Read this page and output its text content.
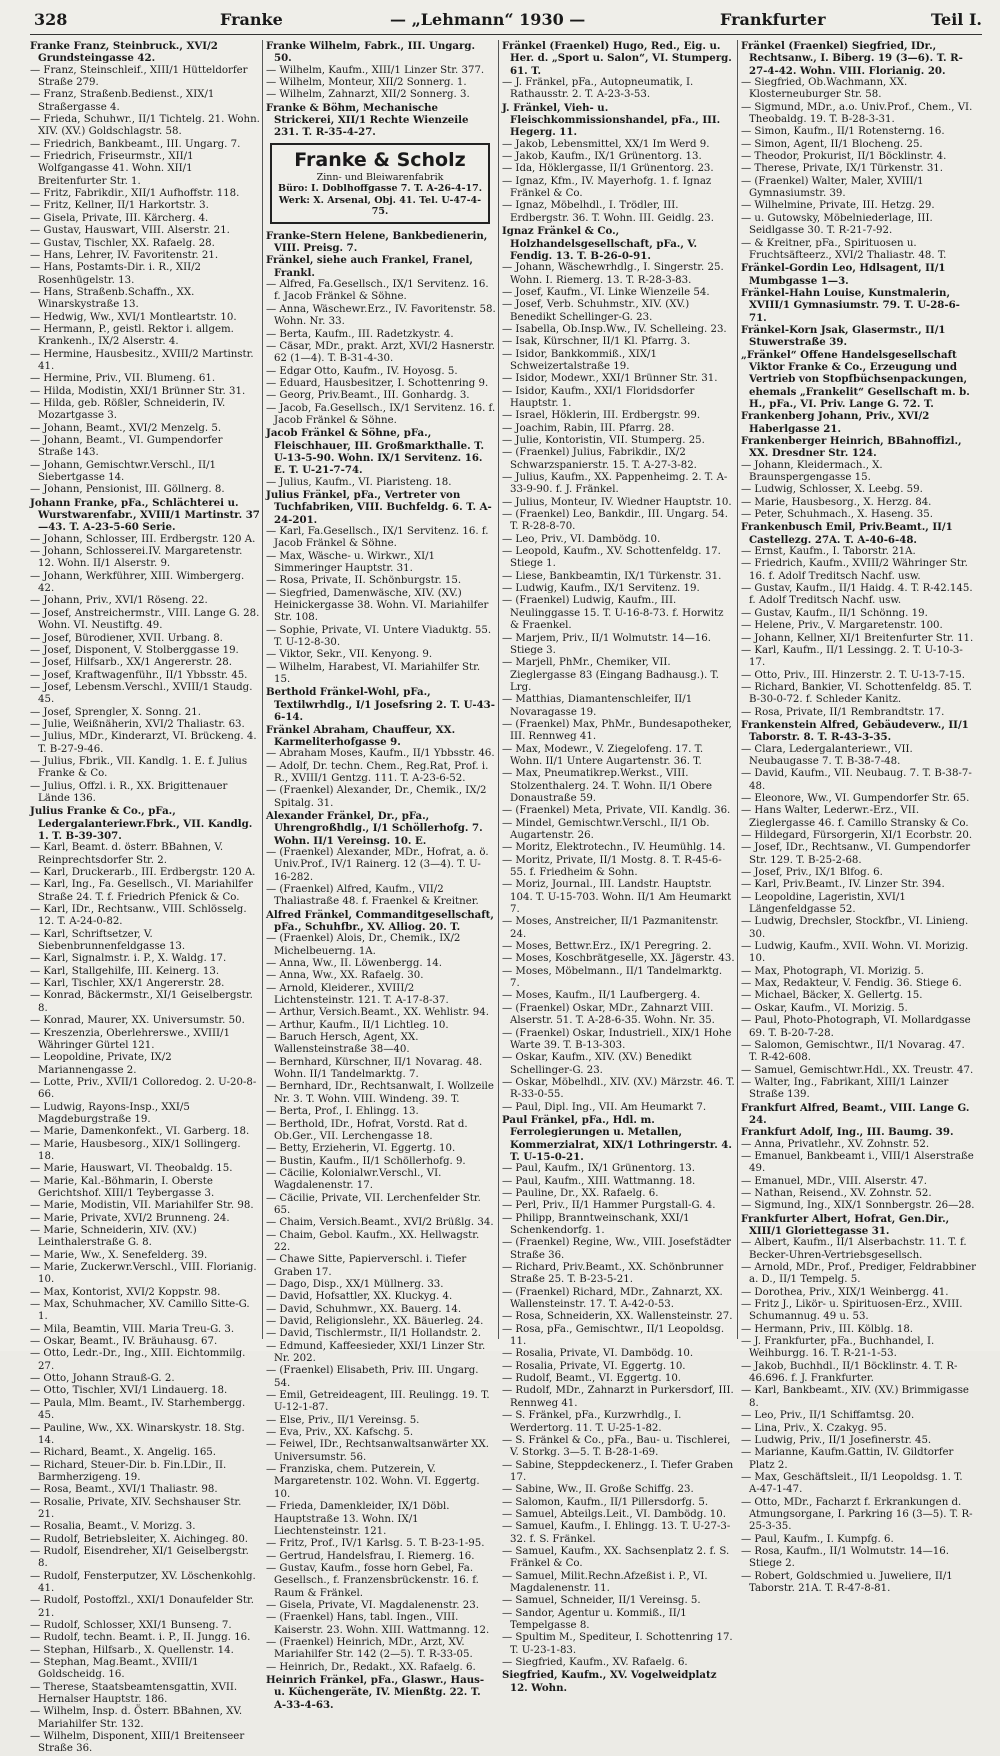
328	Franke	— „Lehmann“ 1930 —	Frankfurter	Teil I.

Franke Franz, Steinbruck., XVI/2 Grundsteingasse 42.

— Franz, Steinschleif., XIII/1 Hütteldorfer Straße 279.

— Franz, Straßenb.Bedienst., XIX/1 Straßergasse 4.

— Frieda, Schuhwr., II/1 Tichtelg. 21. Wohn. XIV. (XV.) Goldschlagstr. 58.

— Friedrich, Bankbeamt., III. Ungarg. 7.

— Friedrich, Friseurmstr., XII/1 Wolfgangasse 41. Wohn. XII/1 Breitenfurter Str. 1.

— Fritz, Fabrikdir., XII/1 Aufhoffstr. 118.

— Fritz, Kellner, II/1 Harkortstr. 3.

— Gisela, Private, III. Kärcherg. 4.

— Gustav, Hauswart, VIII. Alserstr. 21.

— Gustav, Tischler, XX. Rafaelg. 28.

— Hans, Lehrer, IV. Favoritenstr. 21.

— Hans, Postamts-Dir. i. R., XII/2 Rosenhügelstr. 13.

— Hans, Straßenb.Schaffn., XX. Winarskystraße 13.

— Hedwig, Ww., XVI/1 Montleartstr. 10.

— Hermann, P., geistl. Rektor i. allgem. Krankenh., IX/2 Alserstr. 4.

— Hermine, Hausbesitz., XVIII/2 Martinstr. 41.

— Hermine, Priv., VII. Blumeng. 61.

— Hilda, Modistin, XXI/1 Brünner Str. 31.

— Hilda, geb. Rößler, Schneiderin, IV. Mozartgasse 3.

— Johann, Beamt., XVI/2 Menzelg. 5.

— Johann, Beamt., VI. Gumpendorfer Straße 143.

— Johann, Gemischtwr.Verschl., II/1 Siebertgasse 14.

— Johann, Pensionist, III. Göllnerg. 8.

Johann Franke, pFa., Schlächterei u. Wurstwarenfabr., XVIII/1 Martinstr. 37—43. T. A-23-5-60 Serie.

— Johann, Schlosser, III. Erdbergstr. 120 A.

— Johann, Schlosserei.IV. Margaretenstr. 12. Wohn. II/1 Alserstr. 9.

— Johann, Werkführer, XIII. Wimbergerg. 42.

— Johann, Priv., XVI/1 Röseng. 22.

— Josef, Anstreichermstr., VIII. Lange G. 28. Wohn. VI. Neustiftg. 49.

— Josef, Bürodiener, XVII. Urbang. 8.

— Josef, Disponent, V. Stolberggasse 19.

— Josef, Hilfsarb., XX/1 Angererstr. 28.

— Josef, Kraftwagenführ., II/1 Ybbsstr. 45.

— Josef, Lebensm.Verschl., XVIII/1 Staudg. 45.

— Josef, Sprengler, X. Sonng. 21.

— Julie, Weißnäherin, XVI/2 Thaliastr. 63.

— Julius, MDr., Kinderarzt, VI. Brückeng. 4. T. B-27-9-46.

— Julius, Fbrik., VII. Kandlg. 1. E. f. Julius Franke & Co.

— Julius, Offzl. i. R., XX. Brigittenauer Lände 136.

Julius Franke & Co., pFa., Ledergalanteriewr.Fbrk., VII. Kandlg. 1. T. B-39-307.

— Karl, Beamt. d. österr. BBahnen, V. Reinprechtsdorfer Str. 2.

— Karl, Druckerarb., III. Erdbergstr. 120 A.

— Karl, Ing., Fa. Gesellsch., VI. Mariahilfer Straße 24. T. f. Friedrich Pfenick & Co.

— Karl, IDr., Rechtsanw., VIII. Schlösselg. 12. T. A-24-0-82.

— Karl, Schriftsetzer, V. Siebenbrunnenfeldgasse 13.

— Karl, Signalmstr. i. P., X. Waldg. 17.

— Karl, Stallgehilfe, III. Keinerg. 13.

— Karl, Tischler, XX/1 Angererstr. 28.

— Konrad, Bäckermstr., XI/1 Geiselbergstr. 8.

— Konrad, Maurer, XX. Universumstr. 50.

— Kreszenzia, Oberlehrerswe., XVIII/1 Währinger Gürtel 121.

— Leopoldine, Private, IX/2 Mariannengasse 2.

— Lotte, Priv., XVII/1 Colloredog. 2. U-20-8-66.

— Ludwig, Rayons-Insp., XXI/5 Magdeburgstraße 19.

— Marie, Damenkonfekt., VI. Garberg. 18.

— Marie, Hausbesorg., XIX/1 Sollingerg. 18.

— Marie, Hauswart, VI. Theobaldg. 15.

— Marie, Kal.-Böhmarin, I. Oberste Gerichtshof. XIII/1 Teybergasse 3.

— Marie, Modistin, VII. Mariahilfer Str. 98.

— Marie, Private, XVI/2 Brunneng. 24.

— Marie, Schneiderin, XIV. (XV.) Leinthalerstraße G. 8.

— Marie, Ww., X. Senefelderg. 39.

— Marie, Zuckerwr.Verschl., VIII. Florianig. 10.

— Max, Kontorist, XVI/2 Koppstr. 98.

— Max, Schuhmacher, XV. Camillo Sitte-G. 1.

— Mila, Beamtin, VIII. Maria Treu-G. 3.

— Oskar, Beamt., IV. Bräuhausg. 67.

— Otto, Ledr.-Dr., Ing., XIII. Eichtommilg. 27.

— Otto, Johann Strauß-G. 2.

— Otto, Tischler, XVI/1 Lindauerg. 18.

— Paula, Mlm. Beamt., IV. Starhembergg. 45.

— Pauline, Ww., XX. Winarskystr. 18. Stg. 14.

— Richard, Beamt., X. Angelig. 165.

— Richard, Steuer-Dir. b. Fin.LDir., II. Barmherzigeng. 19.

— Rosa, Beamt., XVI/1 Thaliastr. 98.

— Rosalie, Private, XIV. Sechshauser Str. 21.

— Rosalia, Beamt., V. Morizg. 3.

— Rudolf, Betriebsleiter, X. Aichingeg. 80.

— Rudolf, Eisendreher, XI/1 Geiselbergstr. 8.

— Rudolf, Fensterputzer, XV. Löschenkohlg. 41.

— Rudolf, Postoffzl., XXI/1 Donaufelder Str. 21.

— Rudolf, Schlosser, XXI/1 Bunseng. 7.

— Rudolf, techn. Beamt. i. P., II. Jungg. 16.

— Stephan, Hilfsarb., X. Quellenstr. 14.

— Stephan, Mag.Beamt., XVIII/1 Goldscheidg. 16.

— Therese, Staatsbeamtensgattin, XVII. Hernalser Hauptstr. 186.

— Wilhelm, Insp. d. Österr. BBahnen, XV. Mariahilfer Str. 132.

— Wilhelm, Disponent, XIII/1 Breitenseer Straße 36.

Franke Wilhelm, Fabrk., III. Ungarg. 50.

— Wilhelm, Kaufm., XIII/1 Linzer Str. 377.

— Wilhelm, Monteur, XII/2 Sonnerg. 1.

— Wilhelm, Zahnarzt, XII/2 Sonnerg. 3.

Franke & Böhm, Mechanische Strickerei, XII/1 Rechte Wienzeile 231. T. R-35-4-27.

Franke & Scholz
Zinn- und Bleiwarenfabrik
Büro: I. Doblhoffgasse 7. T. A-26-4-17.
Werk: X. Arsenal, Obj. 41. Tel. U-47-4-75.

Franke-Stern Helene, Bankbedienerin, VIII. Preisg. 7.

Fränkel, siehe auch Frankel, Franel, Frankl.

— Alfred, Fa.Gesellsch., IX/1 Servitenz. 16. f. Jacob Fränkel & Söhne.

— Anna, Wäschewr.Erz., IV. Favoritenstr. 58. Wohn. Nr. 33.

— Berta, Kaufm., III. Radetzkystr. 4.

— Cäsar, MDr., prakt. Arzt, XVI/2 Hasnerstr. 62 (1—4). T. B-31-4-30.

— Edgar Otto, Kaufm., IV. Hoyosg. 5.

— Eduard, Hausbesitzer, I. Schottenring 9.

— Georg, Priv.Beamt., III. Gonhardg. 3.

— Jacob, Fa.Gesellsch., IX/1 Servitenz. 16. f. Jacob Fränkel & Söhne.

Jacob Fränkel & Söhne, pFa., Fleischhauer, III. Großmarkthalle. T. U-13-5-90. Wohn. IX/1 Servitenz. 16. E. T. U-21-7-74.

— Julius, Kaufm., VI. Piaristeng. 18.

Julius Fränkel, pFa., Vertreter von Tuchfabriken, VIII. Buchfeldg. 6. T. A-24-201.

— Karl, Fa.Gesellsch., IX/1 Servitenz. 16. f. Jacob Fränkel & Söhne.

— Max, Wäsche- u. Wirkwr., XI/1 Simmeringer Hauptstr. 31.

— Rosa, Private, II. Schönburgstr. 15.

— Siegfried, Damenwäsche, XIV. (XV.) Heinickergasse 38. Wohn. VI. Mariahilfer Str. 108.

— Sophie, Private, VI. Untere Viaduktg. 55. T. U-12-8-30.

— Viktor, Sekr., VII. Kenyong. 9.

— Wilhelm, Harabest, VI. Mariahilfer Str. 15.

Berthold Fränkel-Wohl, pFa., Textilwrhdlg., I/1 Josefsring 2. T. U-43-6-14.

Fränkel Abraham, Chauffeur, XX. Karmeliterhofgasse 9.

— Abraham Moses, Kaufm., II/1 Ybbsstr. 46.

— Adolf, Dr. techn. Chem., Reg.Rat, Prof. i. R., XVIII/1 Gentzg. 111. T. A-23-6-52.

— (Fraenkel) Alexander, Dr., Chemik., IX/2 Spitalg. 31.

Alexander Fränkel, Dr., pFa., Uhrengroßhdlg., I/1 Schöllerhofg. 7. Wohn. II/1 Vereinsg. 10. E.

— (Fraenkel) Alexander, MDr., Hofrat, a. ö. Univ.Prof., IV/1 Rainerg. 12 (3—4). T. U-16-282.

— (Fraenkel) Alfred, Kaufm., VII/2 Thaliastraße 48. f. Fraenkel & Kreitner.

Alfred Fränkel, Commanditgesellschaft, pFa., Schuhfbr., XV. Alliog. 20. T.

— (Fraenkel) Alois, Dr., Chemik., IX/2 Michelbeuerng. 1A.

— Anna, Ww., II. Löwenbergg. 14.

— Anna, Ww., XX. Rafaelg. 30.

— Arnold, Kleiderer., XVIII/2 Lichtensteinstr. 121. T. A-17-8-37.

— Arthur, Versich.Beamt., XX. Wehlistr. 94.

— Arthur, Kaufm., II/1 Lichtleg. 10.

— Baruch Hersch, Agent, XX. Wallensteinstraße 38—40.

— Bernhard, Kürschner, II/1 Novarag. 48. Wohn. II/1 Tandelmarktg. 7.

— Bernhard, IDr., Rechtsanwalt, I. Wollzeile Nr. 3. T. Wohn. VIII. Windeng. 39. T.

— Berta, Prof., I. Ehlingg. 13.

— Berthold, IDr., Hofrat, Vorstd. Rat d. Ob.Ger., VII. Lerchengasse 18.

— Betty, Erzieherin, VI. Eggertg. 10.

— Bustin, Kaufm., II/1 Schöllerhofg. 9.

— Cäcilie, Kolonialwr.Verschl., VI. Wagdalenenstr. 17.

— Cäcilie, Private, VII. Lerchenfelder Str. 65.

— Chaim, Versich.Beamt., XVI/2 Brüßlg. 34.

— Chaim, Gebol. Kaufm., XX. Hellwagstr. 22.

— Chawe Sitte, Papierverschl. i. Tiefer Graben 17.

— Dago, Disp., XX/1 Müllnerg. 33.

— David, Hofsattler, XX. Kluckyg. 4.

— David, Schuhmwr., XX. Bauerg. 14.

— David, Religionslehr., XX. Bäuerleg. 24.

— David, Tischlermstr., II/1 Hollandstr. 2.

— Edmund, Kaffeesieder, XXI/1 Linzer Str. Nr. 202.

— (Fraenkel) Elisabeth, Priv. III. Ungarg. 54.

— Emil, Getreideagent, III. Reulingg. 19. T. U-12-1-87.

— Else, Priv., II/1 Vereinsg. 5.

— Eva, Priv., XX. Kafschg. 5.

— Feiwel, IDr., Rechtsanwaltsanwärter XX. Universumstr. 56.

— Franziska, chem. Putzerein, V. Margaretenstr. 102. Wohn. VI. Eggertg. 10.

— Frieda, Damenkleider, IX/1 Döbl. Hauptstraße 13. Wohn. IX/1 Liechtensteinstr. 121.

— Fritz, Prof., IV/1 Karlsg. 5. T. B-23-1-95.

— Gertrud, Handelsfrau, I. Riemerg. 16.

— Gustav, Kaufm., fosse horn Gebel, Fa. Gesellsch., f. Franzensbrückenstr. 16. f. Raum & Fränkel.

— Gisela, Private, VI. Magdalenenstr. 23.

— (Fraenkel) Hans, tabl. Ingen., VIII. Kaiserstr. 23. Wohn. XIII. Wattmanng. 12.

— (Fraenkel) Heinrich, MDr., Arzt, XV. Mariahilfer Str. 142 (2—5). T. R-33-05.

— Heinrich, Dr., Redakt., XX. Rafaelg. 6.

Heinrich Fränkel, pFa., Glaswr., Haus- u. Küchengeräte, IV. Mienßtg. 22. T. A-33-4-63.

Fränkel (Fraenkel) Hugo, Red., Eig. u. Her. d. „Sport u. Salon“, VI. Stumperg. 61. T.

— J. Fränkel, pFa., Autopneumatik, I. Rathausstr. 2. T. A-23-3-53.

J. Fränkel, Vieh- u. Fleischkommissionshandel, pFa., III. Hegerg. 11.

— Jakob, Lebensmittel, XX/1 Im Werd 9.

— Jakob, Kaufm., IX/1 Grünentorg. 13.

— Ida, Höklergasse, II/1 Grünentorg. 23.

— Ignaz, Kfm., IV. Mayerhofg. 1. f. Ignaz Fränkel & Co.

— Ignaz, Möbelhdl., I. Trödler, III. Erdbergstr. 36. T. Wohn. III. Geidlg. 23.

Ignaz Fränkel & Co., Holzhandelsgesellschaft, pFa., V. Fendig. 13. T. B-26-0-91.

— Johann, Wäschewrhdlg., I. Singerstr. 25. Wohn. I. Riemerg. 13. T. R-28-3-83.

— Josef, Kaufm., VI. Linke Wienzeile 54.

— Josef, Verb. Schuhmstr., XIV. (XV.) Benedikt Schellinger-G. 23.

— Isabella, Ob.Insp.Ww., IV. Schelleing. 23.

— Isak, Kürschner, II/1 Kl. Pfarrg. 3.

— Isidor, Bankkommiß., XIX/1 Schweizertalstraße 19.

— Isidor, Modewr., XXI/1 Brünner Str. 31.

— Isidor, Kaufm., XXI/1 Floridsdorfer Hauptstr. 1.

— Israel, Höklerin, III. Erdbergstr. 99.

— Joachim, Rabin, III. Pfarrg. 28.

— Julie, Kontoristin, VII. Stumperg. 25.

— (Fraenkel) Julius, Fabrikdir., IX/2 Schwarzspanierstr. 15. T. A-27-3-82.

— Julius, Kaufm., XX. Pappenheimg. 2. T. A-33-9-90. f. J. Fränkel.

— Julius, Monteur, IV. Wiedner Hauptstr. 10.

— (Fraenkel) Leo, Bankdir., III. Ungarg. 54. T. R-28-8-70.

— Leo, Priv., VI. Dambödg. 10.

— Leopold, Kaufm., XV. Schottenfeldg. 17. Stiege 1.

— Liese, Bankbeamtin, IX/1 Türkenstr. 31.

— Ludwig, Kaufm., IX/1 Servitenz. 19.

— (Fraenkel) Ludwig, Kaufm., III. Neulinggasse 15. T. U-16-8-73. f. Horwitz & Fraenkel.

— Marjem, Priv., II/1 Wolmutstr. 14—16. Stiege 3.

— Marjell, PhMr., Chemiker, VII. Zieglergasse 83 (Eingang Badhausg.). T. Lrg.

— Matthias, Diamantenschleifer, II/1 Novaragasse 19.

— (Fraenkel) Max, PhMr., Bundesapotheker, III. Rennweg 41.

— Max, Modewr., V. Ziegelofeng. 17. T. Wohn. II/1 Untere Augartenstr. 36. T.

— Max, Pneumatikrep.Werkst., VIII. Stolzenthalerg. 24. T. Wohn. II/1 Obere Donaustraße 59.

— (Fraenkel) Meta, Private, VII. Kandlg. 36.

— Mindel, Gemischtwr.Verschl., II/1 Ob. Augartenstr. 26.

— Moritz, Elektrotechn., IV. Heumühlg. 14.

— Moritz, Private, II/1 Mostg. 8. T. R-45-6-55. f. Friedheim & Sohn.

— Moriz, Journal., III. Landstr. Hauptstr. 104. T. U-15-703. Wohn. II/1 Am Heumarkt 7.

— Moses, Anstreicher, II/1 Pazmanitenstr. 24.

— Moses, Bettwr.Erz., IX/1 Peregring. 2.

— Moses, Koschbrätgeselle, XX. Jägerstr. 43.

— Moses, Möbelmann., II/1 Tandelmarktg. 7.

— Moses, Kaufm., II/1 Laufbergerg. 4.

— (Fraenkel) Oskar, MDr., Zahnarzt VIII. Alserstr. 51. T. A-28-6-35. Wohn. Nr. 35.

— (Fraenkel) Oskar, Industriell., XIX/1 Hohe Warte 39. T. B-13-303.

— Oskar, Kaufm., XIV. (XV.) Benedikt Schellinger-G. 23.

— Oskar, Möbelhdl., XIV. (XV.) Märzstr. 46. T. R-33-0-55.

— Paul, Dipl. Ing., VII. Am Heumarkt 7.

Paul Fränkel, pFa., Hdl. m. Ferrolegierungen u. Metallen, Kommerzialrat, XIX/1 Lothringerstr. 4. T. U-15-0-21.

— Paul, Kaufm., IX/1 Grünentorg. 13.

— Paul, Kaufm., XIII. Wattmanng. 18.

— Pauline, Dr., XX. Rafaelg. 6.

— Perl, Priv., II/1 Hammer Purgstall-G. 4.

— Philipp, Branntweinschank, XXI/1 Schenkendorfg. 1.

— (Fraenkel) Regine, Ww., VIII. Josefstädter Straße 36.

— Richard, Priv.Beamt., XX. Schönbrunner Straße 25. T. B-23-5-21.

— (Fraenkel) Richard, MDr., Zahnarzt, XX. Wallensteinstr. 17. T. A-42-0-53.

— Rosa, Schneiderin, XX. Wallensteinstr. 27.

— Rosa, pFa., Gemischtwr., II/1 Leopoldsg. 11.

— Rosalia, Private, VI. Dambödg. 10.

— Rosalia, Private, VI. Eggertg. 10.

— Rudolf, Beamt., VI. Eggertg. 10.

— Rudolf, MDr., Zahnarzt in Purkersdorf, III. Rennweg 41.

— S. Fränkel, pFa., Kurzwrhdlg., I. Werdertorg. 11. T. U-25-1-82.

— S. Fränkel & Co., pFa., Bau- u. Tischlerei, V. Storkg. 3—5. T. B-28-1-69.

— Sabine, Steppdeckenerz., I. Tiefer Graben 17.

— Sabine, Ww., II. Große Schiffg. 23.

— Salomon, Kaufm., II/1 Pillersdorfg. 5.

— Samuel, Abteilgs.Leit., VI. Dambödg. 10.

— Samuel, Kaufm., I. Ehlingg. 13. T. U-27-3-32. f. S. Fränkel.

— Samuel, Kaufm., XX. Sachsenplatz 2. f. S. Fränkel & Co.

— Samuel, Milit.Rechn.Afzeßist i. P., VI. Magdalenenstr. 11.

— Samuel, Schneider, II/1 Vereinsg. 5.

— Sandor, Agentur u. Kommiß., II/1 Tempelgasse 8.

— Spultim M., Spediteur, I. Schottenring 17. T. U-23-1-83.

— Siegfried, Kaufm., XV. Rafaelg. 6.

Siegfried, Kaufm., XV. Vogelweidplatz 12. Wohn.

Fränkel (Fraenkel) Siegfried, IDr., Rechtsanw., I. Biberg. 19 (3—6). T. R-27-4-42. Wohn. VIII. Florianig. 20.

— Siegfried, Ob.Wachmann, XX. Klosterneuburger Str. 58.

— Sigmund, MDr., a.o. Univ.Prof., Chem., VI. Theobaldg. 19. T. B-28-3-31.

— Simon, Kaufm., II/1 Rotensterng. 16.

— Simon, Agent, II/1 Blocheng. 25.

— Theodor, Prokurist, II/1 Böcklinstr. 4.

— Therese, Private, IX/1 Türkenstr. 31.

— (Fraenkel) Walter, Maler, XVIII/1 Gymnasiumstr. 39.

— Wilhelmine, Private, III. Hetzg. 29.

— u. Gutowsky, Möbelniederlage, III. Seidlgasse 30. T. R-21-7-92.

— & Kreitner, pFa., Spirituosen u. Fruchtsäfteerz., XVI/2 Thaliastr. 48. T.

Fränkel-Gordin Leo, Hdlsagent, II/1 Mumbgasse 1—3.

Fränkel-Hahn Louise, Kunstmalerin, XVIII/1 Gymnasiumstr. 79. T. U-28-6-71.

Fränkel-Korn Jsak, Glasermstr., II/1 Stuwerstraße 39.

„Fränkel“ Offene Handelsgesellschaft Viktor Franke & Co., Erzeugung und Vertrieb von Stopfbüchsenpackungen, ehemals „Frankelit“ Gesellschaft m. b. H., pFa., VI. Priv. Lange G. 72. T.

Frankenberg Johann, Priv., XVI/2 Haberlgasse 21.

Frankenberger Heinrich, BBahnoffizl., XX. Dresdner Str. 124.

— Johann, Kleidermach., X. Braunspergengasse 15.

— Ludwig, Schlosser, X. Leebg. 59.

— Marie, Hausbesorg., X. Herzg. 84.

— Peter, Schuhmach., X. Haseng. 35.

Frankenbusch Emil, Priv.Beamt., II/1 Castellezg. 27A. T. A-40-6-48.

— Ernst, Kaufm., I. Taborstr. 21A.

— Friedrich, Kaufm., XVIII/2 Währinger Str. 16. f. Adolf Treditsch Nachf. usw.

— Gustav, Kaufm., II/1 Haidg. 4. T. R-42.145. f. Adolf Treditsch Nachf. usw.

— Gustav, Kaufm., II/1 Schönng. 19.

— Helene, Priv., V. Margaretenstr. 100.

— Johann, Kellner, XI/1 Breitenfurter Str. 11.

— Karl, Kaufm., II/1 Lessingg. 2. T. U-10-3-17.

— Otto, Priv., III. Hinzerstr. 2. T. U-13-7-15.

— Richard, Bankier, VI. Schottenfeldg. 85. T. B-30-0-72. f. Schleder Kanitz.

— Rosa, Private, II/1 Rembrandtstr. 17.

Frankenstein Alfred, Gebäudeverw., II/1 Taborstr. 8. T. R-43-3-35.

— Clara, Ledergalanteriewr., VII. Neubaugasse 7. T. B-38-7-48.

— David, Kaufm., VII. Neubaug. 7. T. B-38-7-48.

— Eleonore, Ww., VI. Gumpendorfer Str. 65.

— Hans Walter, Lederwr.-Erz., VII. Zieglergasse 46. f. Camillo Stransky & Co.

— Hildegard, Fürsorgerin, XI/1 Ecorbstr. 20.

— Josef, IDr., Rechtsanw., VI. Gumpendorfer Str. 129. T. B-25-2-68.

— Josef, Priv., IX/1 Blfog. 6.

— Karl, Priv.Beamt., IV. Linzer Str. 394.

— Leopoldine, Lageristin, XVI/1 Längenfeldgasse 52.

— Ludwig, Drechsler, Stockfbr., VI. Linieng. 30.

— Ludwig, Kaufm., XVII. Wohn. VI. Morizig. 10.

— Max, Photograph, VI. Morizig. 5.

— Max, Redakteur, V. Fendig. 36. Stiege 6.

— Michael, Bäcker, X. Gellertg. 15.

— Oskar, Kaufm., VI. Morizig. 5.

— Paul, Photo-Photograph, VI. Mollardgasse 69. T. B-20-7-28.

— Salomon, Gemischtwr., II/1 Novarag. 47. T. R-42-608.

— Samuel, Gemischtwr.Hdl., XX. Treustr. 47.

— Walter, Ing., Fabrikant, XIII/1 Lainzer Straße 139.

Frankfurt Alfred, Beamt., VIII. Lange G. 24.

Frankfurt Adolf, Ing., III. Baumg. 39.

— Anna, Privatlehr., XV. Zohnstr. 52.

— Emanuel, Bankbeamt i., VIII/1 Alserstraße 49.

— Emanuel, MDr., VIII. Alserstr. 47.

— Nathan, Reisend., XV. Zohnstr. 52.

— Sigmund, Ing., XIX/1 Sonnbergstr. 26—28.

Frankfurter Albert, Hofrat, Gen.Dir., XIII/1 Gloriettegasse 31.

— Albert, Kaufm., II/1 Alserbachstr. 11. T. f. Becker-Uhren-Vertriebsgesellsch.

— Arnold, MDr., Prof., Prediger, Feldrabbiner a. D., II/1 Tempelg. 5.

— Dorothea, Priv., XIX/1 Weinbergg. 41.

— Fritz J., Likör- u. Spirituosen-Erz., XVIII. Schumannug. 49 u. 53.

— Hermann, Priv., III. Kölblg. 18.

— J. Frankfurter, pFa., Buchhandel, I. Weihburgg. 16. T. R-21-1-53.

— Jakob, Buchhdl., II/1 Böcklinstr. 4. T. R-46.696. f. J. Frankfurter.

— Karl, Bankbeamt., XIV. (XV.) Brimmigasse 8.

— Leo, Priv., II/1 Schiffamtsg. 20.

— Lina, Priv., X. Czakyg. 95.

— Ludwig, Priv., II/1 Josefinerstr. 45.

— Marianne, Kaufm.Gattin, IV. Gildtorfer Platz 2.

— Max, Geschäftsleit., II/1 Leopoldsg. 1. T. A-47-1-47.

— Otto, MDr., Facharzt f. Erkrankungen d. Atmungsorgane, I. Parkring 16 (3—5). T. R-25-3-35.

— Paul, Kaufm., I. Kumpfg. 6.

— Rosa, Kaufm., II/1 Wolmutstr. 14—16. Stiege 2.

— Robert, Goldschmied u. Juweliere, II/1 Taborstr. 21A. T. R-47-8-81.
